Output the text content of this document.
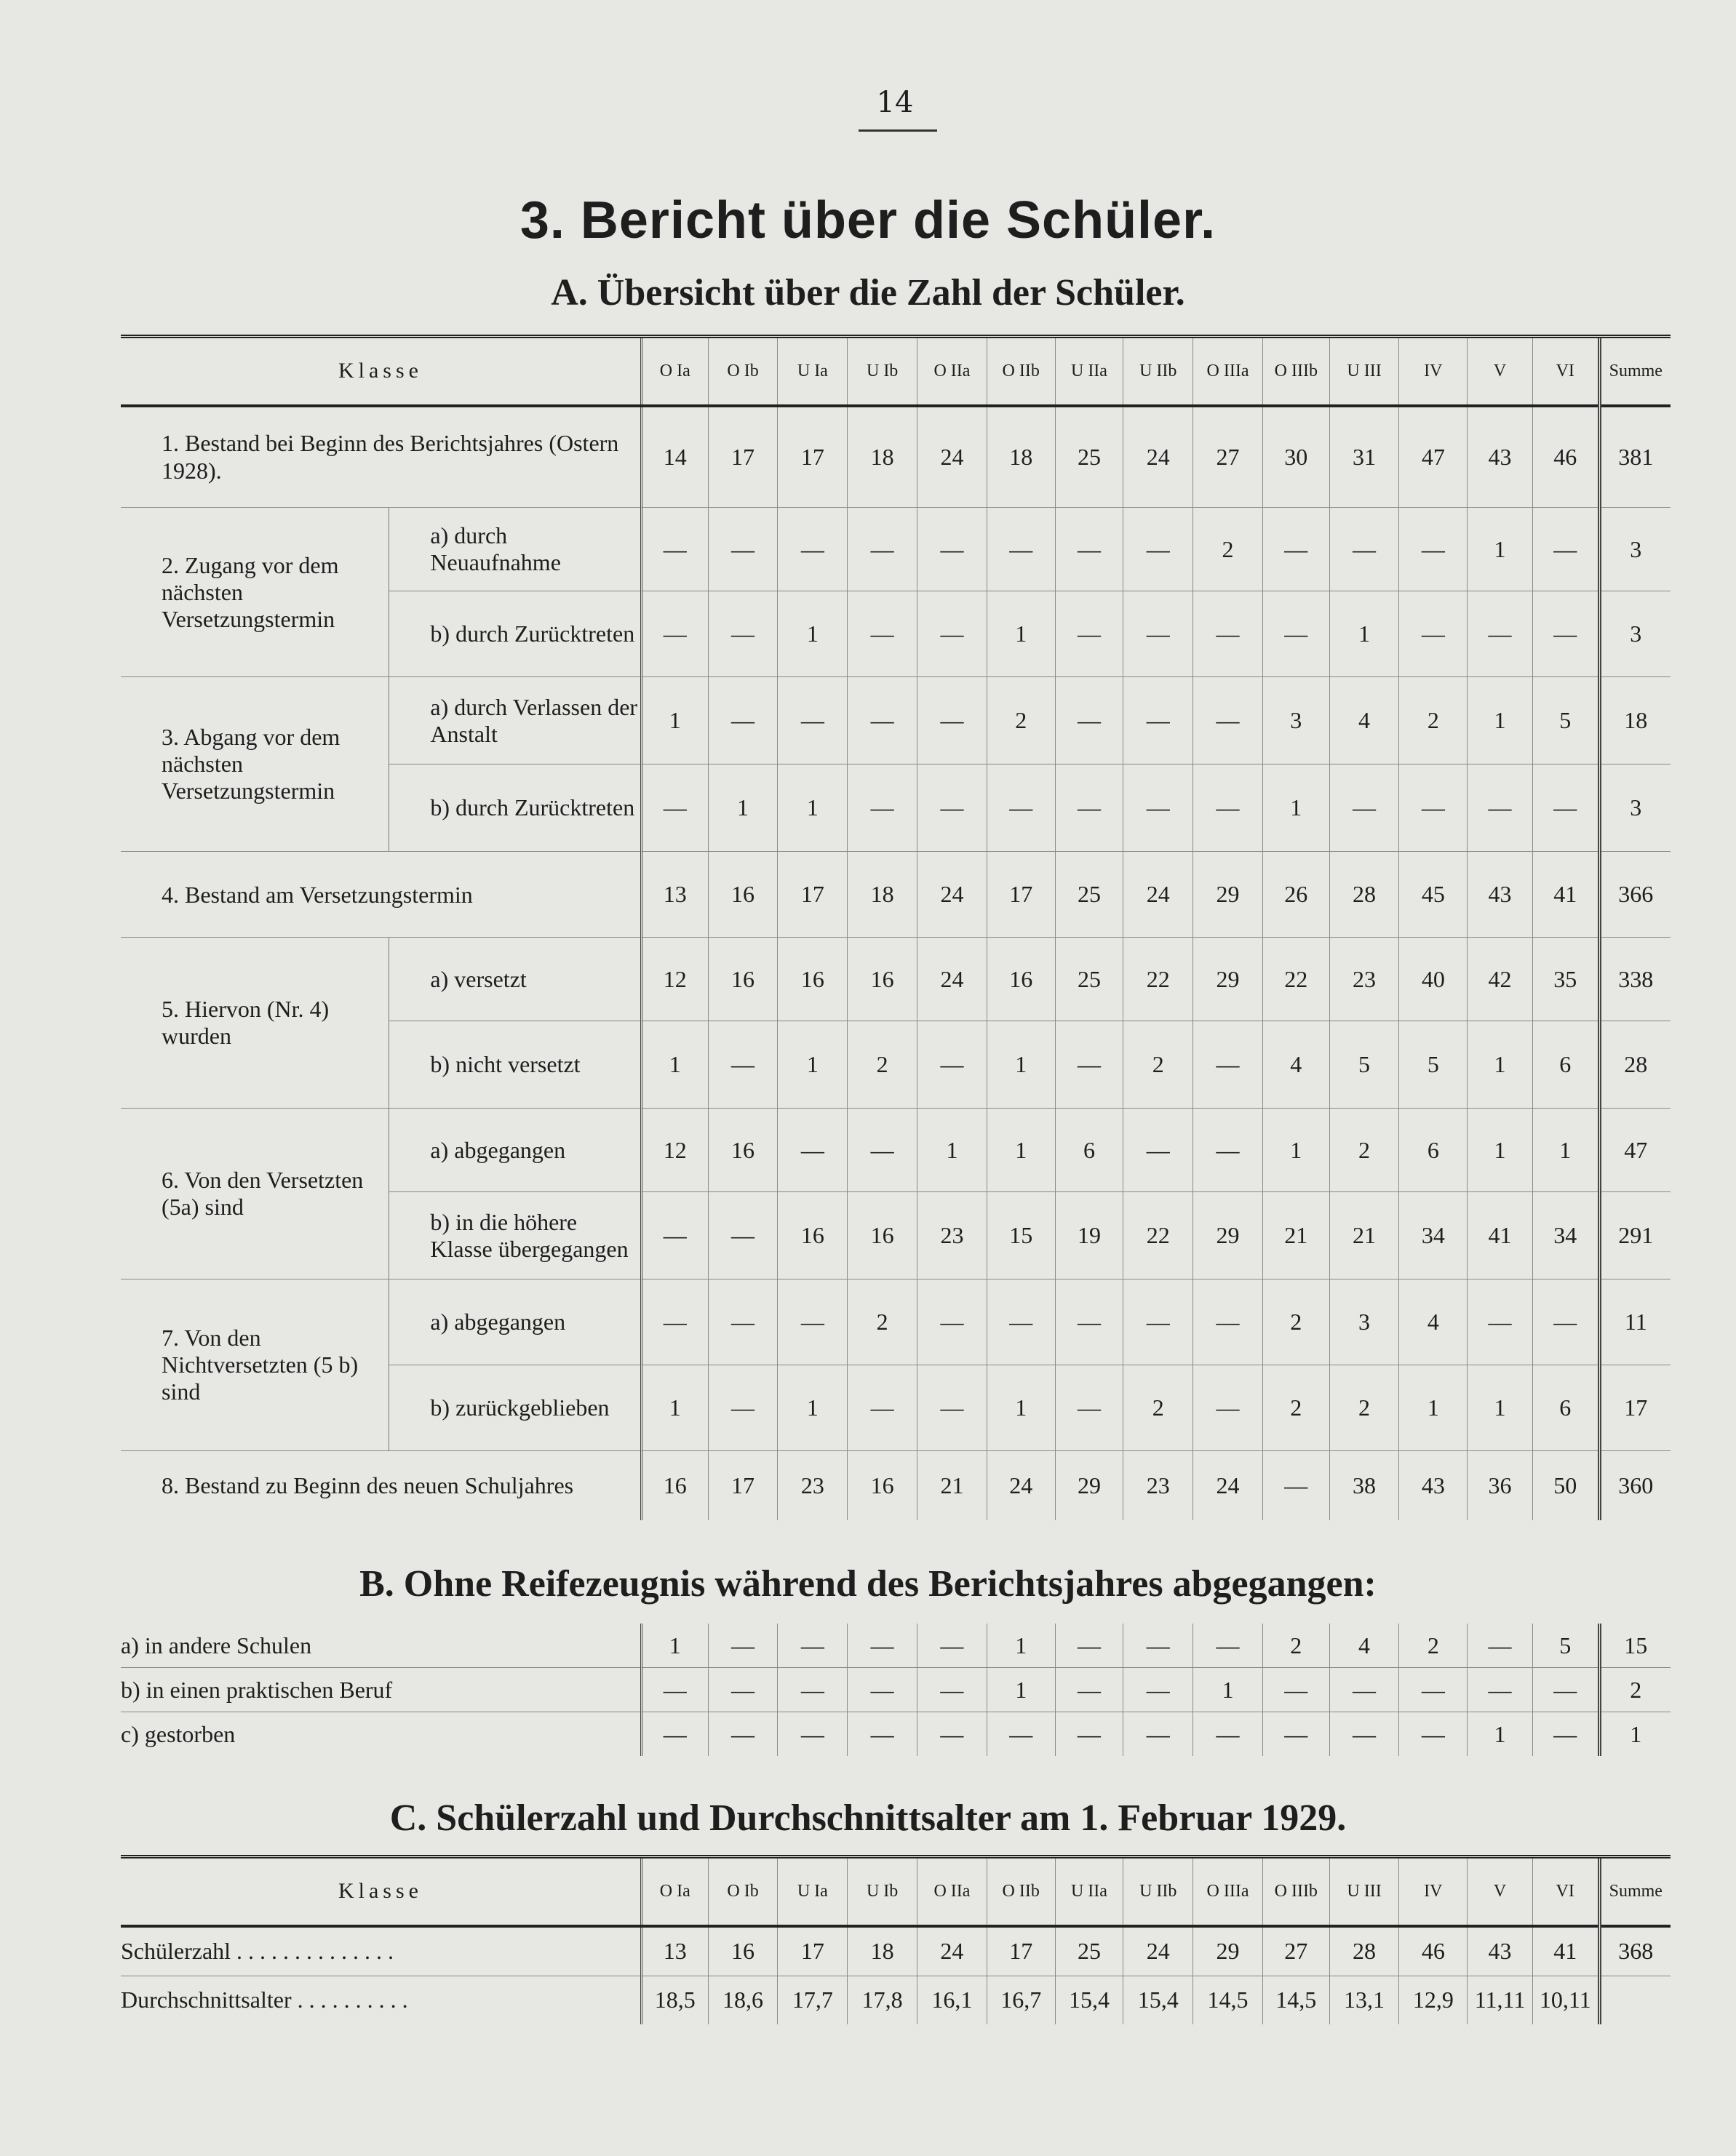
14
3. Bericht über die Schüler.
A. Übersicht über die Zahl der Schüler.
Klasse		O Ia	O Ib	U Ia	U Ib	O IIa	O IIb	U IIa	U IIb	O IIIa	O IIIb	U III	IV	V	VI	Summe
1. Bestand bei Beginn des Berichtsjahres (Ostern 1928).		14	17	17	18	24	18	25	24	27	30	31	47	43	46	381
2. Zugang vor dem nächsten Versetzungstermin	a) durch Neuaufnahme	—	—	—	—	—	—	—	—	2	—	—	—	1	—	3
	b) durch Zurücktreten	—	—	1	—	—	1	—	—	—	—	1	—	—	—	3
3. Abgang vor dem nächsten Versetzungstermin	a) durch Verlassen der Anstalt	1	—	—	—	—	2	—	—	—	3	4	2	1	5	18
	b) durch Zurücktreten	—	1	1	—	—	—	—	—	—	1	—	—	—	—	3
4. Bestand am Versetzungstermin		13	16	17	18	24	17	25	24	29	26	28	45	43	41	366
5. Hiervon (Nr. 4) wurden	a) versetzt	12	16	16	16	24	16	25	22	29	22	23	40	42	35	338
	b) nicht versetzt	1	—	1	2	—	1	—	2	—	4	5	5	1	6	28
6. Von den Versetzten (5a) sind	a) abgegangen	12	16	—	—	1	1	6	—	—	1	2	6	1	1	47
	b) in die höhere Klasse übergegangen	—	—	16	16	23	15	19	22	29	21	21	34	41	34	291
7. Von den Nichtversetzten (5 b) sind	a) abgegangen	—	—	—	2	—	—	—	—	—	2	3	4	—	—	11
	b) zurückgeblieben	1	—	1	—	—	1	—	2	—	2	2	1	1	6	17
8. Bestand zu Beginn des neuen Schuljahres		16	17	23	16	21	24	29	23	24	—	38	43	36	50	360
B. Ohne Reifezeugnis während des Berichtsjahres abgegangen:
a) in andere Schulen	1	—	—	—	—	1	—	—	—	2	4	2	—	5	15
b) in einen praktischen Beruf	—	—	—	—	—	1	—	—	1	—	—	—	—	—	2
c) gestorben	—	—	—	—	—	—	—	—	—	—	—	—	1	—	1
C. Schülerzahl und Durchschnittsalter am 1. Februar 1929.
Klasse	O Ia	O Ib	U Ia	U Ib	O IIa	O IIb	U IIa	U IIb	O IIIa	O IIIb	U III	IV	V	VI	Summe
Schülerzahl . . . . . . . . . . . . . .	13	16	17	18	24	17	25	24	29	27	28	46	43	41	368
Durchschnittsalter . . . . . . . . . .	18,5	18,6	17,7	17,8	16,1	16,7	15,4	15,4	14,5	14,5	13,1	12,9	11,11	10,11	
